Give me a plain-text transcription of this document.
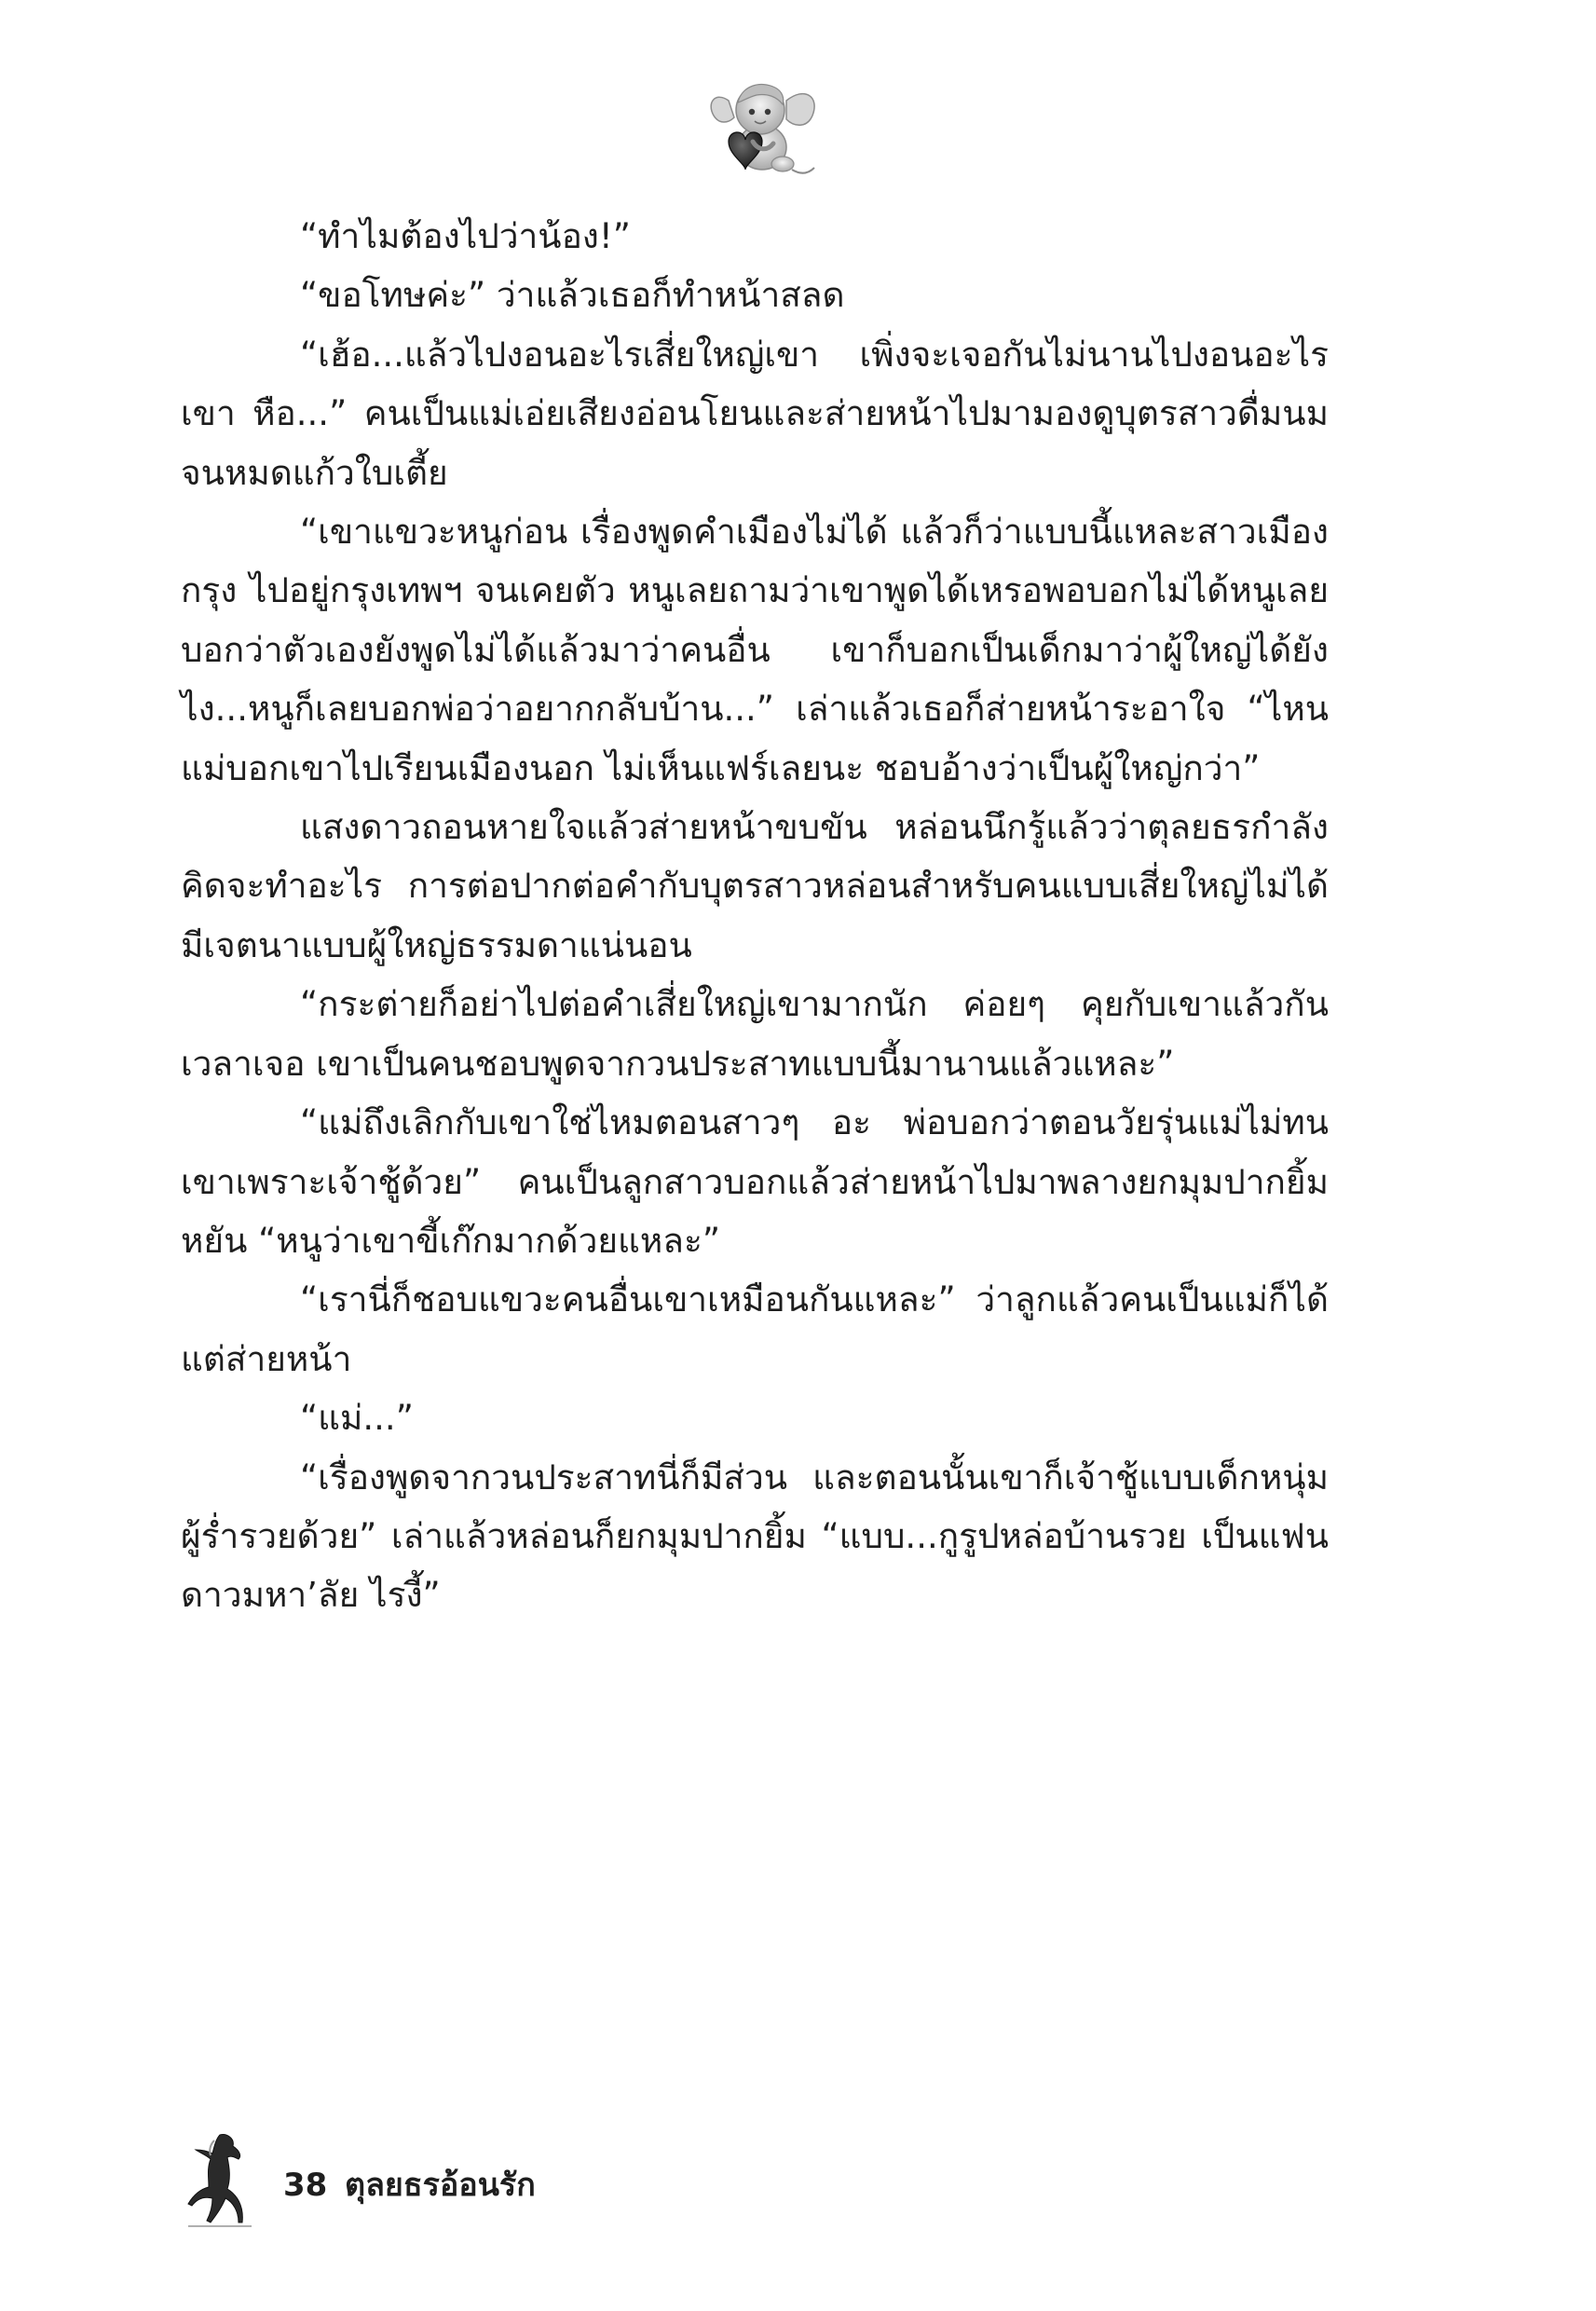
“ทำไมต้องไปว่าน้อง!”

“ขอโทษค่ะ” ว่าแล้วเธอก็ทำหน้าสลด

“เฮ้อ...แล้วไปงอนอะไรเสี่ยใหญ่เขา เพิ่งจะเจอกันไม่นานไปงอนอะไรเขา หือ...” คนเป็นแม่เอ่ยเสียงอ่อนโยนและส่ายหน้าไปมามองดูบุตรสาวดื่มนมจนหมดแก้วใบเตี้ย

“เขาแขวะหนูก่อน เรื่องพูดคำเมืองไม่ได้ แล้วก็ว่าแบบนี้แหละสาวเมืองกรุง ไปอยู่กรุงเทพฯ จนเคยตัว หนูเลยถามว่าเขาพูดได้เหรอพอบอกไม่ได้หนูเลยบอกว่าตัวเองยังพูดไม่ได้แล้วมาว่าคนอื่น เขาก็บอกเป็นเด็กมาว่าผู้ใหญ่ได้ยังไง...หนูก็เลยบอกพ่อว่าอยากกลับบ้าน...” เล่าแล้วเธอก็ส่ายหน้าระอาใจ “ไหนแม่บอกเขาไปเรียนเมืองนอก ไม่เห็นแฟร์เลยนะ ชอบอ้างว่าเป็นผู้ใหญ่กว่า”

แสงดาวถอนหายใจแล้วส่ายหน้าขบขัน หล่อนนึกรู้แล้วว่าตุลยธรกำลังคิดจะทำอะไร การต่อปากต่อคำกับบุตรสาวหล่อนสำหรับคนแบบเสี่ยใหญ่ไม่ได้มีเจตนาแบบผู้ใหญ่ธรรมดาแน่นอน

“กระต่ายก็อย่าไปต่อคำเสี่ยใหญ่เขามากนัก ค่อยๆ คุยกับเขาแล้วกันเวลาเจอ เขาเป็นคนชอบพูดจากวนประสาทแบบนี้มานานแล้วแหละ”

“แม่ถึงเลิกกับเขาใช่ไหมตอนสาวๆ อะ พ่อบอกว่าตอนวัยรุ่นแม่ไม่ทนเขาเพราะเจ้าชู้ด้วย” คนเป็นลูกสาวบอกแล้วส่ายหน้าไปมาพลางยกมุมปากยิ้มหยัน “หนูว่าเขาขี้เก๊กมากด้วยแหละ”

“เรานี่ก็ชอบแขวะคนอื่นเขาเหมือนกันแหละ” ว่าลูกแล้วคนเป็นแม่ก็ได้แต่ส่ายหน้า

“แม่...”

“เรื่องพูดจากวนประสาทนี่ก็มีส่วน และตอนนั้นเขาก็เจ้าชู้แบบเด็กหนุ่มผู้ร่ำรวยด้วย” เล่าแล้วหล่อนก็ยกมุมปากยิ้ม “แบบ...กูรูปหล่อบ้านรวย เป็นแฟนดาวมหา’ลัย ไรงี้”

38 ตุลยธรอ้อนรัก
